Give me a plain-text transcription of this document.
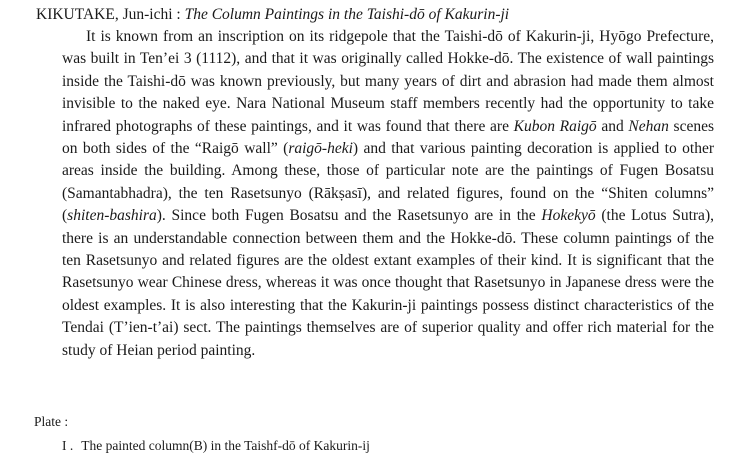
KIKUTAKE, Jun-ichi : The Column Paintings in the Taishi-dō of Kakurin-ji

It is known from an inscription on its ridgepole that the Taishi-dō of Kakurin-ji, Hyōgo Prefecture, was built in Ten’ei 3 (1112), and that it was originally called Hokke-dō. The existence of wall paintings inside the Taishi-dō was known previously, but many years of dirt and abrasion had made them almost invisible to the naked eye. Nara National Museum staff members recently had the opportunity to take infrared photographs of these paintings, and it was found that there are Kubon Raigō and Nehan scenes on both sides of the “Raigō wall” (raigō-heki) and that various painting decoration is applied to other areas inside the building. Among these, those of particular note are the paintings of Fugen Bosatsu (Samantabhadra), the ten Rasetsunyo (Rākṣasī), and related figures, found on the “Shiten columns” (shiten-bashira). Since both Fugen Bosatsu and the Rasetsunyo are in the Hokekyō (the Lotus Sutra), there is an understandable connection between them and the Hokke-dō. These column paintings of the ten Rasetsunyo and related figures are the oldest extant examples of their kind. It is significant that the Rasetsunyo wear Chinese dress, whereas it was once thought that Rasetsunyo in Japanese dress were the oldest examples. It is also interesting that the Kakurin-ji paintings possess distinct characteristics of the Tendai (T’ien-t’ai) sect. The paintings themselves are of superior quality and offer rich material for the study of Heian period painting.

Plate :
I . The painted column(B) in the Taishf-dō of Kakurin-ij
